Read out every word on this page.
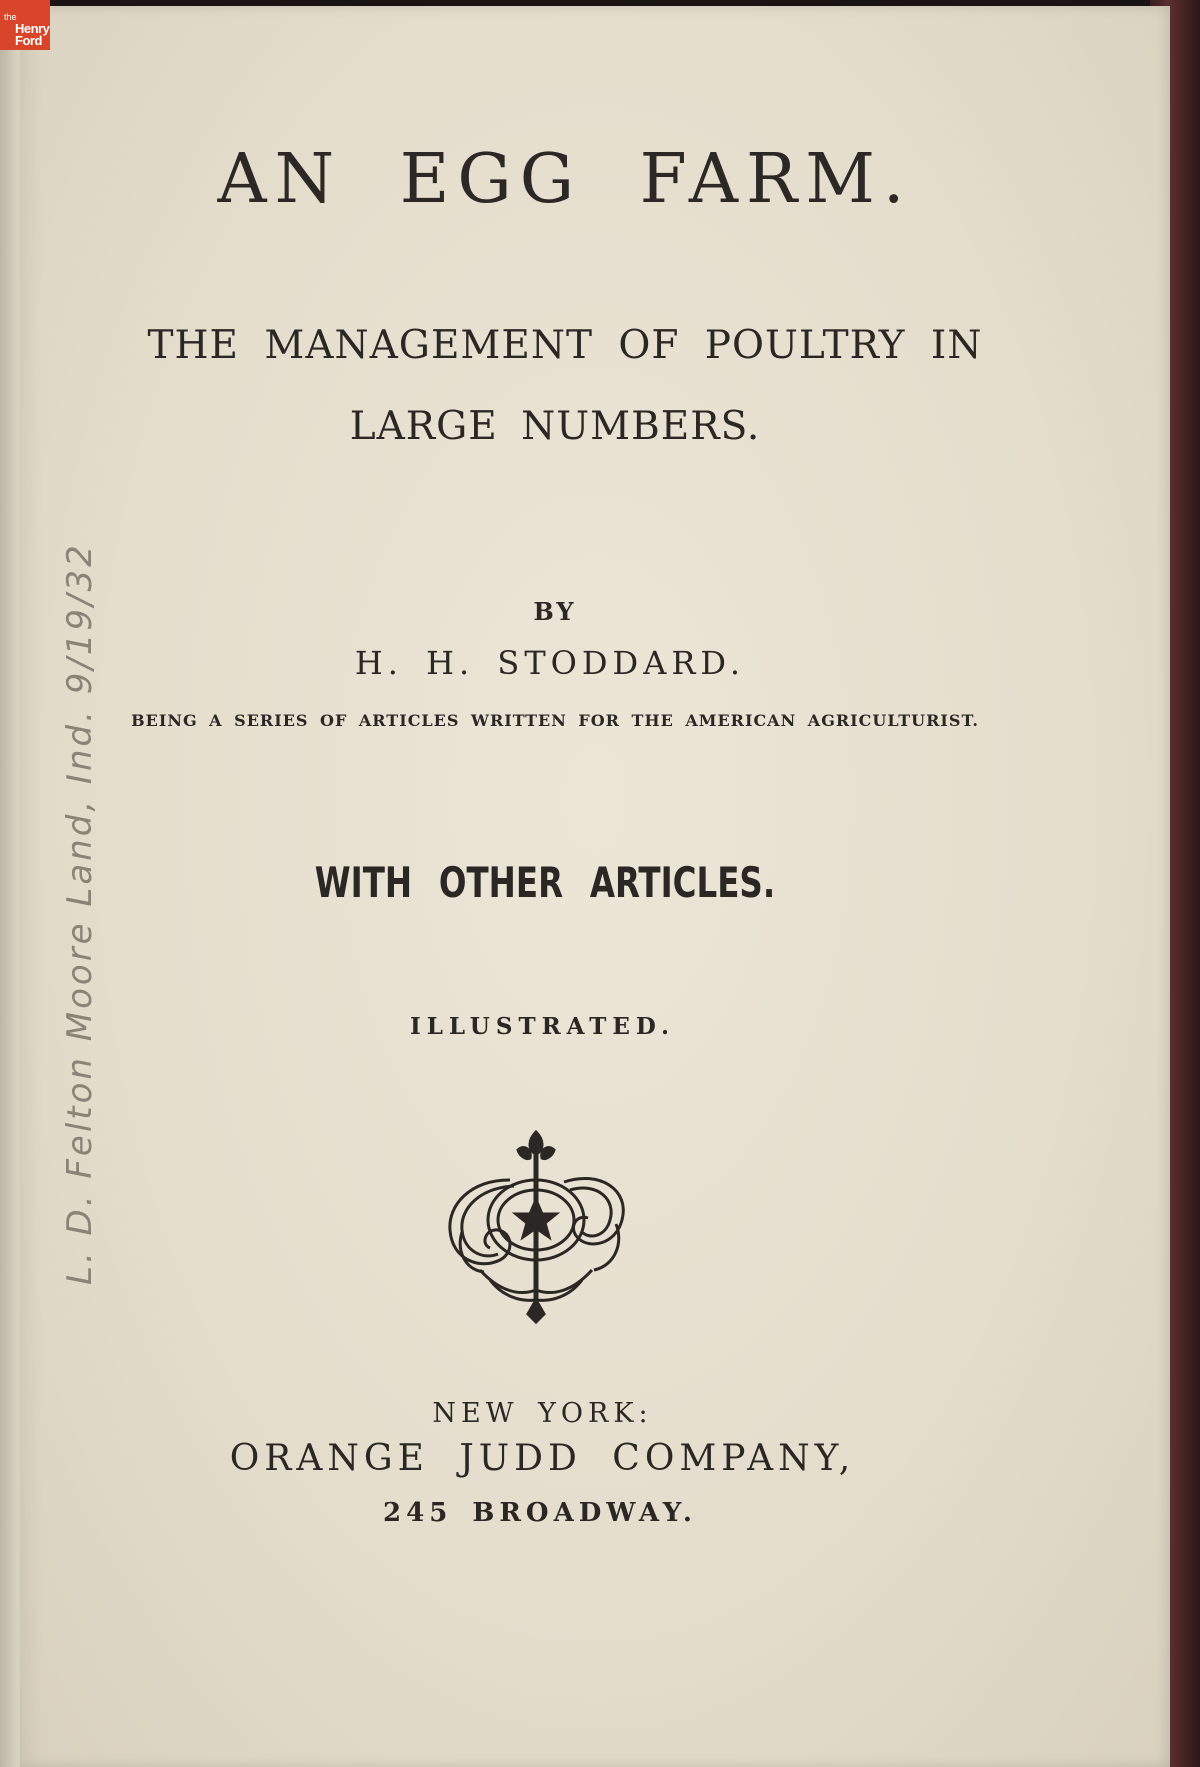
the
Henry
Ford
L. D. Felton Moore Land, Ind. 9/19/32
AN EGG FARM.
THE MANAGEMENT OF POULTRY IN
LARGE NUMBERS.
BY
H. H. STODDARD.
BEING A SERIES OF ARTICLES WRITTEN FOR THE AMERICAN AGRICULTURIST.
WITH OTHER ARTICLES.
ILLUSTRATED.
NEW YORK:
ORANGE JUDD COMPANY,
245 BROADWAY.
